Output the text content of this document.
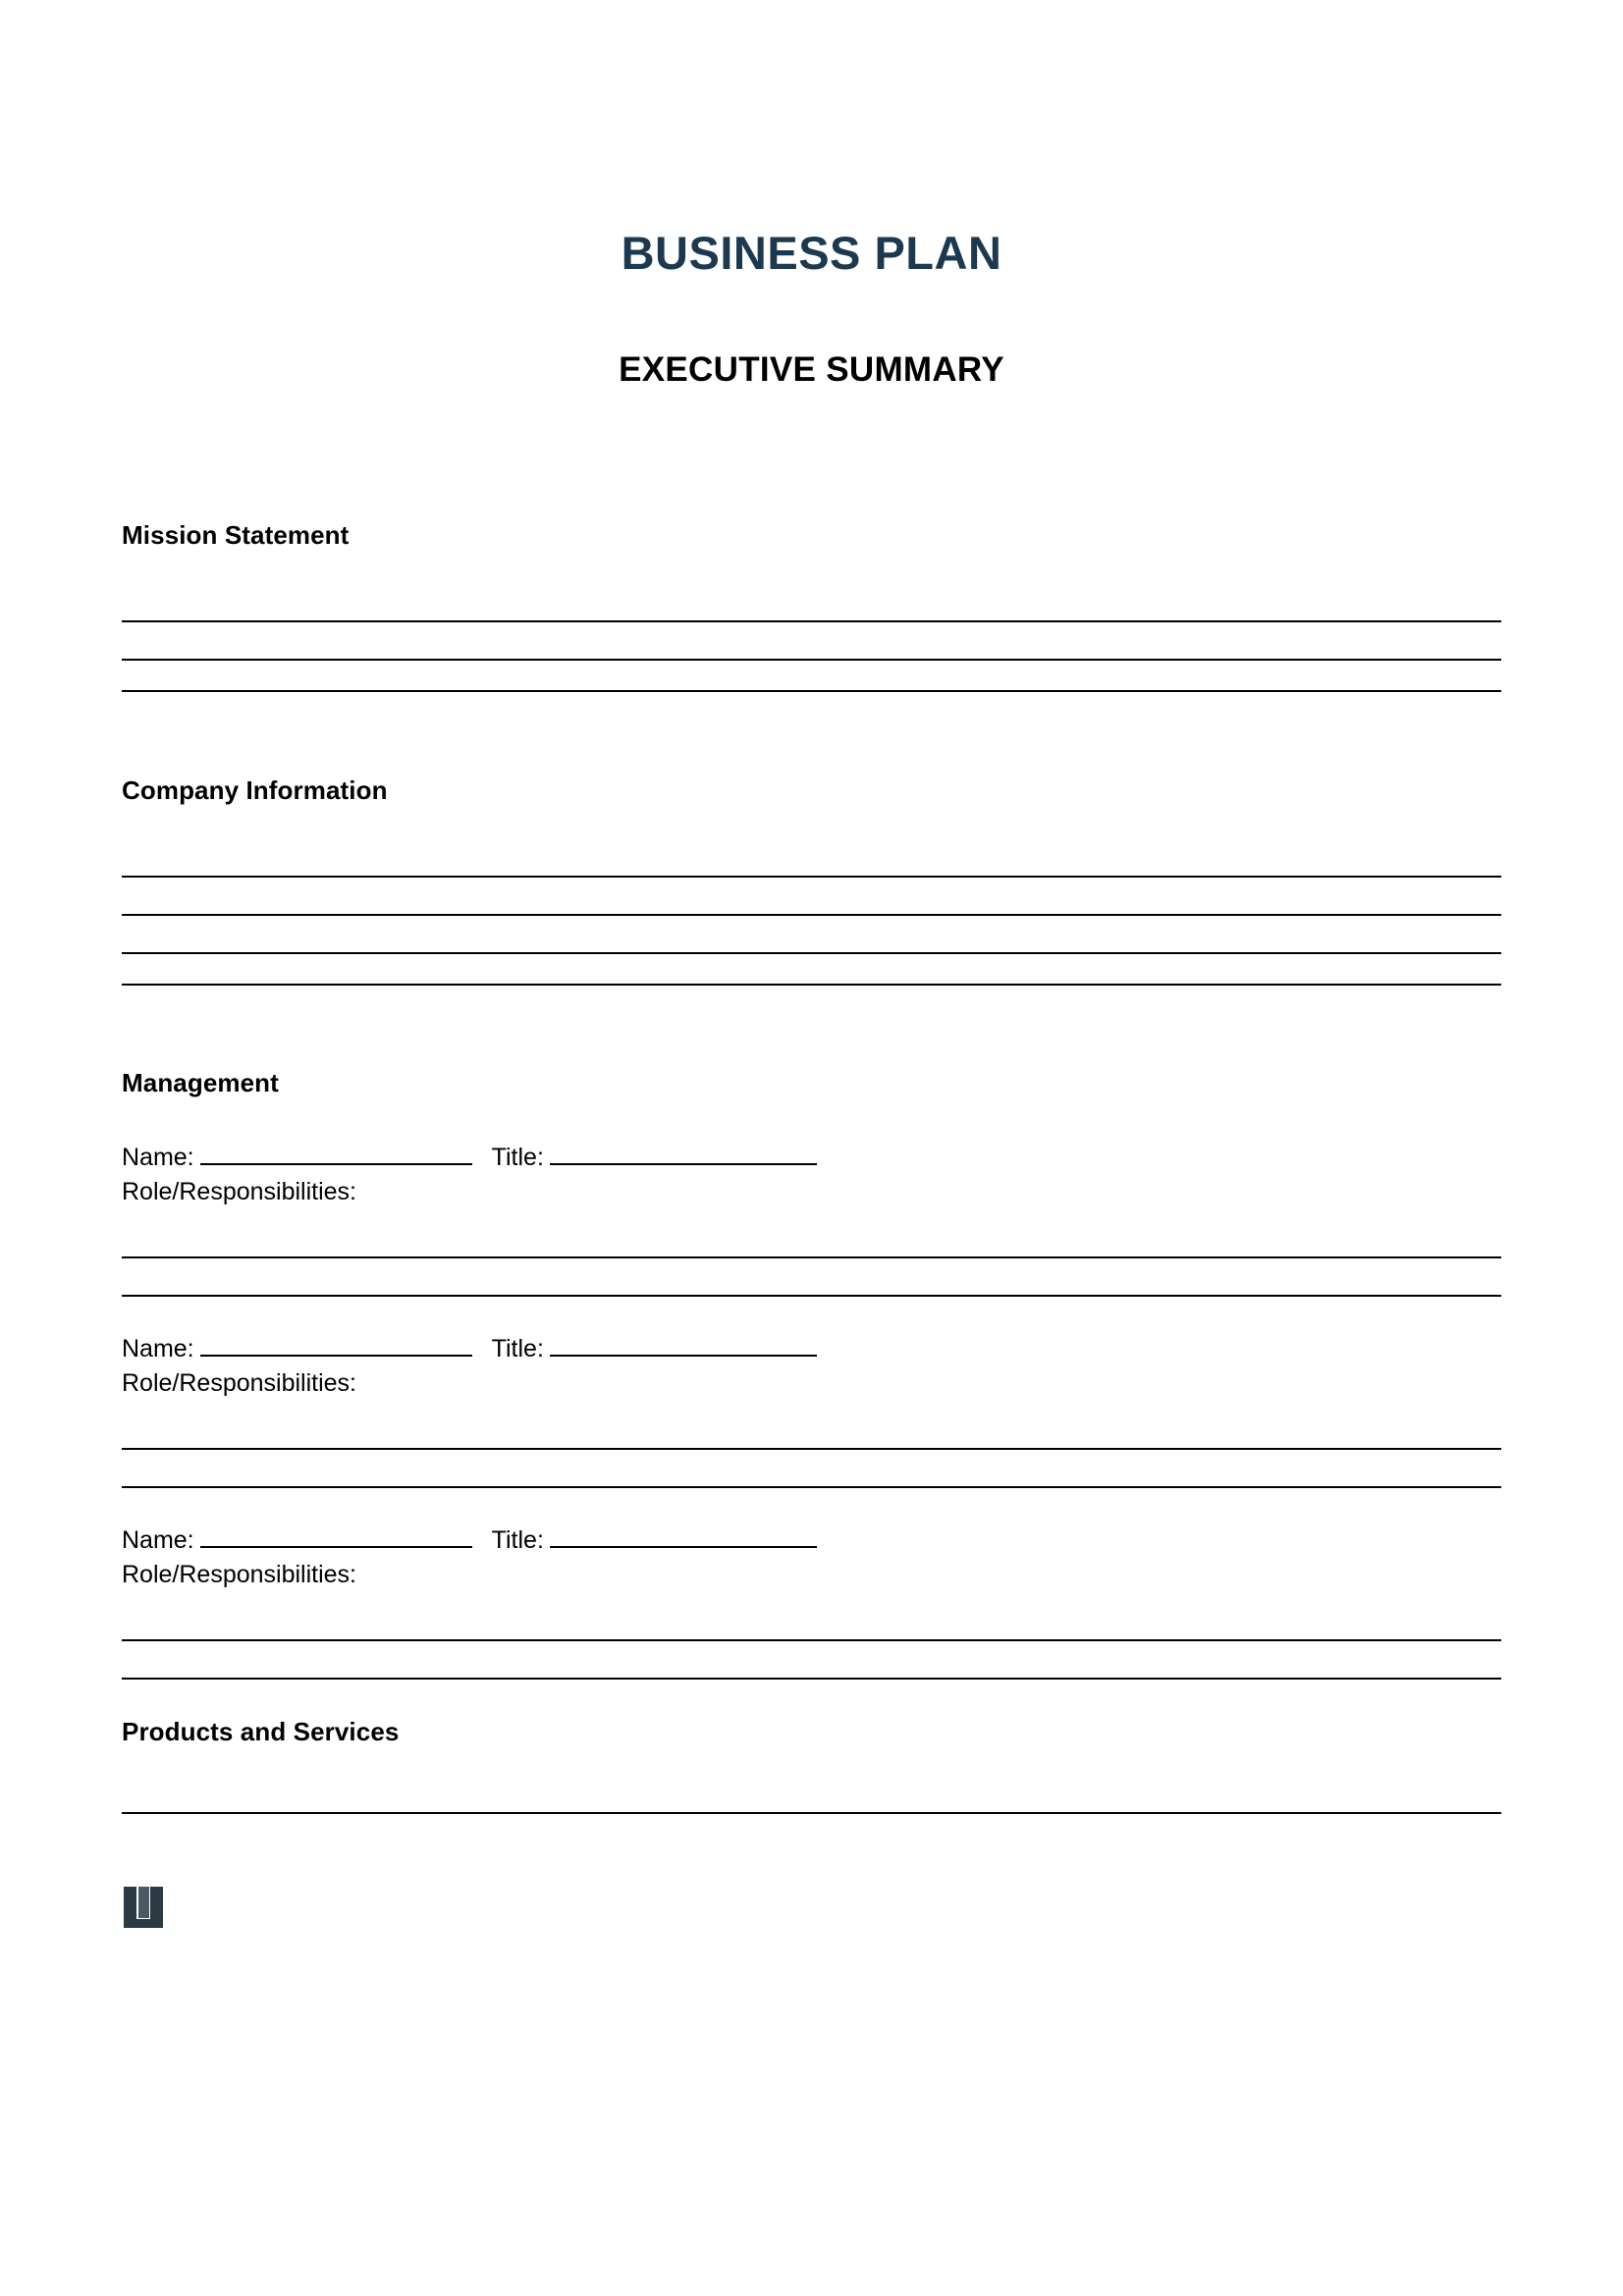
BUSINESS PLAN
EXECUTIVE SUMMARY
Mission Statement
Company Information
Management
Name:	Title:
Role/Responsibilities:
Name:	Title:
Role/Responsibilities:
Name:	Title:
Role/Responsibilities:
Products and Services
